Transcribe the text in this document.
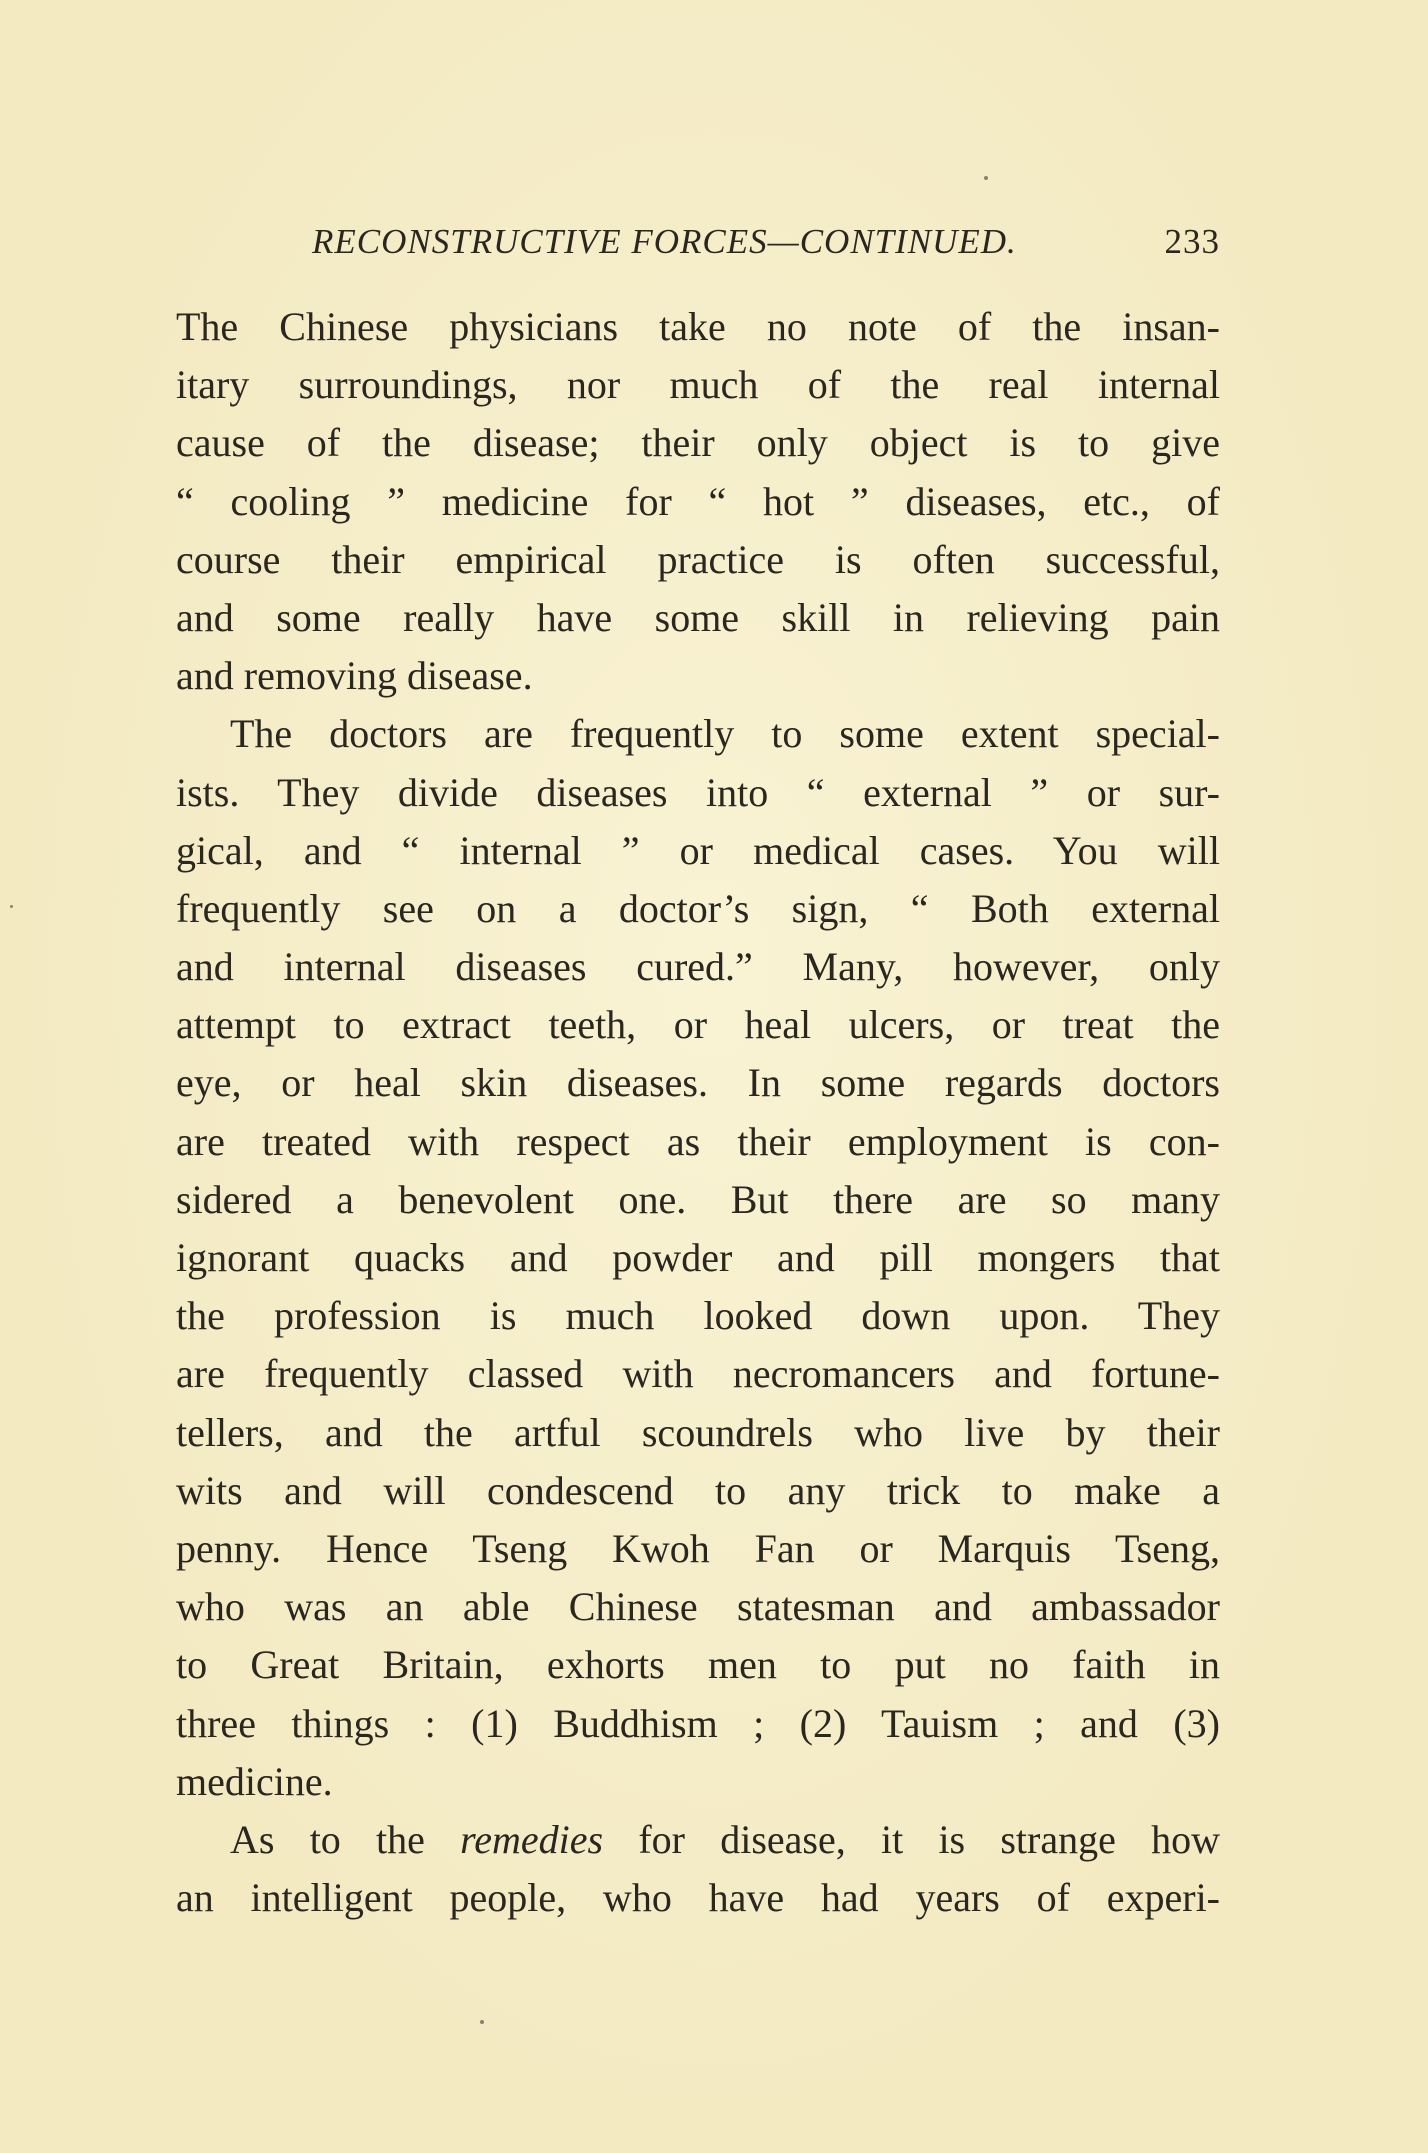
RECONSTRUCTIVE FORCES—CONTINUED.	233
The Chinese physicians take no note of the insan-
itary surroundings, nor much of the real internal
cause of the disease; their only object is to give
“ cooling ” medicine for “ hot ” diseases, etc., of
course their empirical practice is often successful,
and some really have some skill in relieving pain
and removing disease.
The doctors are frequently to some extent special-
ists. They divide diseases into “ external ” or sur-
gical, and “ internal ” or medical cases. You will
frequently see on a doctor’s sign, “ Both external
and internal diseases cured.” Many, however, only
attempt to extract teeth, or heal ulcers, or treat the
eye, or heal skin diseases. In some regards doctors
are treated with respect as their employment is con-
sidered a benevolent one. But there are so many
ignorant quacks and powder and pill mongers that
the profession is much looked down upon. They
are frequently classed with necromancers and fortune-
tellers, and the artful scoundrels who live by their
wits and will condescend to any trick to make a
penny. Hence Tseng Kwoh Fan or Marquis Tseng,
who was an able Chinese statesman and ambassador
to Great Britain, exhorts men to put no faith in
three things : (1) Buddhism ; (2) Tauism ; and (3)
medicine.
As to the remedies for disease, it is strange how
an intelligent people, who have had years of experi-
